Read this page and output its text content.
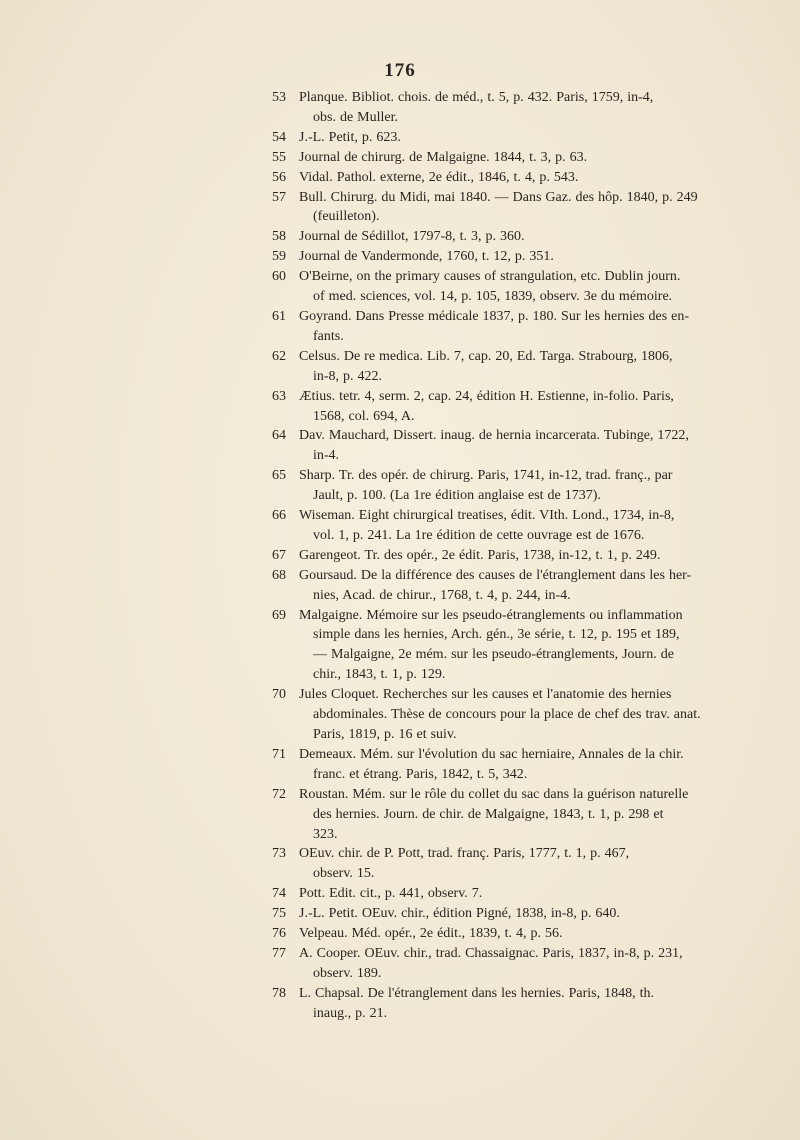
176
53 Planque. Bibliot. chois. de méd., t. 5, p. 432. Paris, 1759, in-4,
obs. de Muller.
54 J.-L. Petit, p. 623.
55 Journal de chirurg. de Malgaigne. 1844, t. 3, p. 63.
56 Vidal. Pathol. externe, 2e édit., 1846, t. 4, p. 543.
57 Bull. Chirurg. du Midi, mai 1840. — Dans Gaz. des hôp. 1840, p. 249
(feuilleton).
58 Journal de Sédillot, 1797-8, t. 3, p. 360.
59 Journal de Vandermonde, 1760, t. 12, p. 351.
60 O'Beirne, on the primary causes of strangulation, etc. Dublin journ.
of med. sciences, vol. 14, p. 105, 1839, observ. 3e du mémoire.
61 Goyrand. Dans Presse médicale 1837, p. 180. Sur les hernies des en-
fants.
62 Celsus. De re medica. Lib. 7, cap. 20, Ed. Targa. Strabourg, 1806,
in-8, p. 422.
63 Ætius. tetr. 4, serm. 2, cap. 24, édition H. Estienne, in-folio. Paris,
1568, col. 694, A.
64 Dav. Mauchard, Dissert. inaug. de hernia incarcerata. Tubinge, 1722,
in-4.
65 Sharp. Tr. des opér. de chirurg. Paris, 1741, in-12, trad. franç., par
Jault, p. 100. (La 1re édition anglaise est de 1737).
66 Wiseman. Eight chirurgical treatises, édit. VIth. Lond., 1734, in-8,
vol. 1, p. 241. La 1re édition de cette ouvrage est de 1676.
67 Garengeot. Tr. des opér., 2e édit. Paris, 1738, in-12, t. 1, p. 249.
68 Goursaud. De la différence des causes de l'étranglement dans les her-
nies, Acad. de chirur., 1768, t. 4, p. 244, in-4.
69 Malgaigne. Mémoire sur les pseudo-étranglements ou inflammation
simple dans les hernies, Arch. gén., 3e série, t. 12, p. 195 et 189,
— Malgaigne, 2e mém. sur les pseudo-étranglements, Journ. de
chir., 1843, t. 1, p. 129.
70 Jules Cloquet. Recherches sur les causes et l'anatomie des hernies
abdominales. Thèse de concours pour la place de chef des trav. anat.
Paris, 1819, p. 16 et suiv.
71 Demeaux. Mém. sur l'évolution du sac herniaire, Annales de la chir.
franc. et étrang. Paris, 1842, t. 5, 342.
72 Roustan. Mém. sur le rôle du collet du sac dans la guérison naturelle
des hernies. Journ. de chir. de Malgaigne, 1843, t. 1, p. 298 et
323.
73 OEuv. chir. de P. Pott, trad. franç. Paris, 1777, t. 1, p. 467,
observ. 15.
74 Pott. Edit. cit., p. 441, observ. 7.
75 J.-L. Petit. OEuv. chir., édition Pigné, 1838, in-8, p. 640.
76 Velpeau. Méd. opér., 2e édit., 1839, t. 4, p. 56.
77 A. Cooper. OEuv. chir., trad. Chassaignac. Paris, 1837, in-8, p. 231,
observ. 189.
78 L. Chapsal. De l'étranglement dans les hernies. Paris, 1848, th.
inaug., p. 21.
